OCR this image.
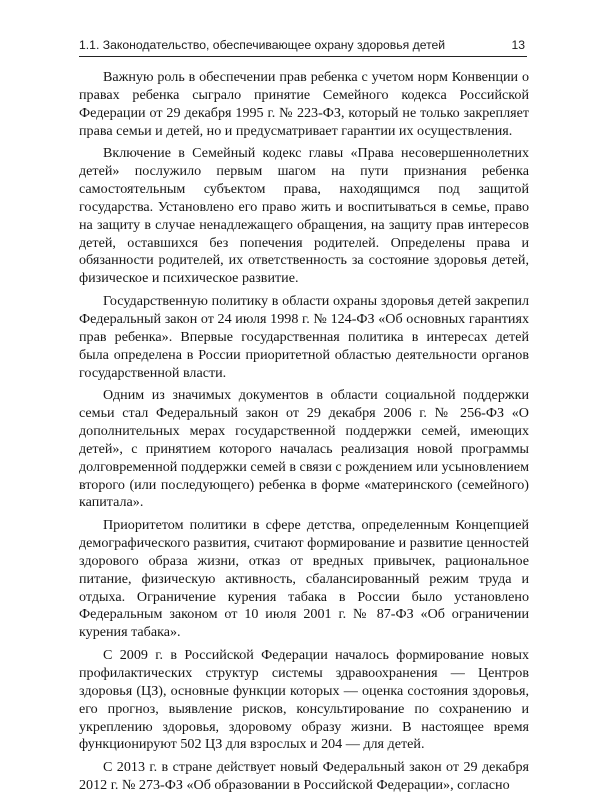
1.1. Законодательство, обеспечивающее охрану здоровья детей	13

Важную роль в обеспечении прав ребенка с учетом норм Конвенции о правах ребенка сыграло принятие Семейного кодекса Российской Федерации от 29 декабря 1995 г. № 223-ФЗ, который не только закрепляет права семьи и детей, но и предусматривает гарантии их осуществления.

Включение в Семейный кодекс главы «Права несовершеннолетних детей» послужило первым шагом на пути признания ребенка самостоятельным субъектом права, находящимся под защитой государства. Установлено его право жить и воспитываться в семье, право на защиту в случае ненадлежащего обращения, на защиту прав интересов детей, оставшихся без попечения родителей. Определены права и обязанности родителей, их ответственность за состояние здоровья детей, физическое и психическое развитие.

Государственную политику в области охраны здоровья детей закрепил Федеральный закон от 24 июля 1998 г. № 124-ФЗ «Об основных гарантиях прав ребенка». Впервые государственная политика в интересах детей была определена в России приоритетной областью деятельности органов государственной власти.

Одним из значимых документов в области социальной поддержки семьи стал Федеральный закон от 29 декабря 2006 г. № 256-ФЗ «О дополнительных мерах государственной поддержки семей, имеющих детей», с принятием которого началась реализация новой программы долговременной поддержки семей в связи с рождением или усыновлением второго (или последующего) ребенка в форме «материнского (семейного) капитала».

Приоритетом политики в сфере детства, определенным Концепцией демографического развития, считают формирование и развитие ценностей здорового образа жизни, отказ от вредных привычек, рациональное питание, физическую активность, сбалансированный режим труда и отдыха. Ограничение курения табака в России было установлено Федеральным законом от 10 июля 2001 г. № 87-ФЗ «Об ограничении курения табака».

С 2009 г. в Российской Федерации началось формирование новых профилактических структур системы здравоохранения — Центров здоровья (ЦЗ), основные функции которых — оценка состояния здоровья, его прогноз, выявление рисков, консультирование по сохранению и укреплению здоровья, здоровому образу жизни. В настоящее время функционируют 502 ЦЗ для взрослых и 204 — для детей.

С 2013 г. в стране действует новый Федеральный закон от 29 декабря 2012 г. № 273-ФЗ «Об образовании в Российской Федерации», согласно
